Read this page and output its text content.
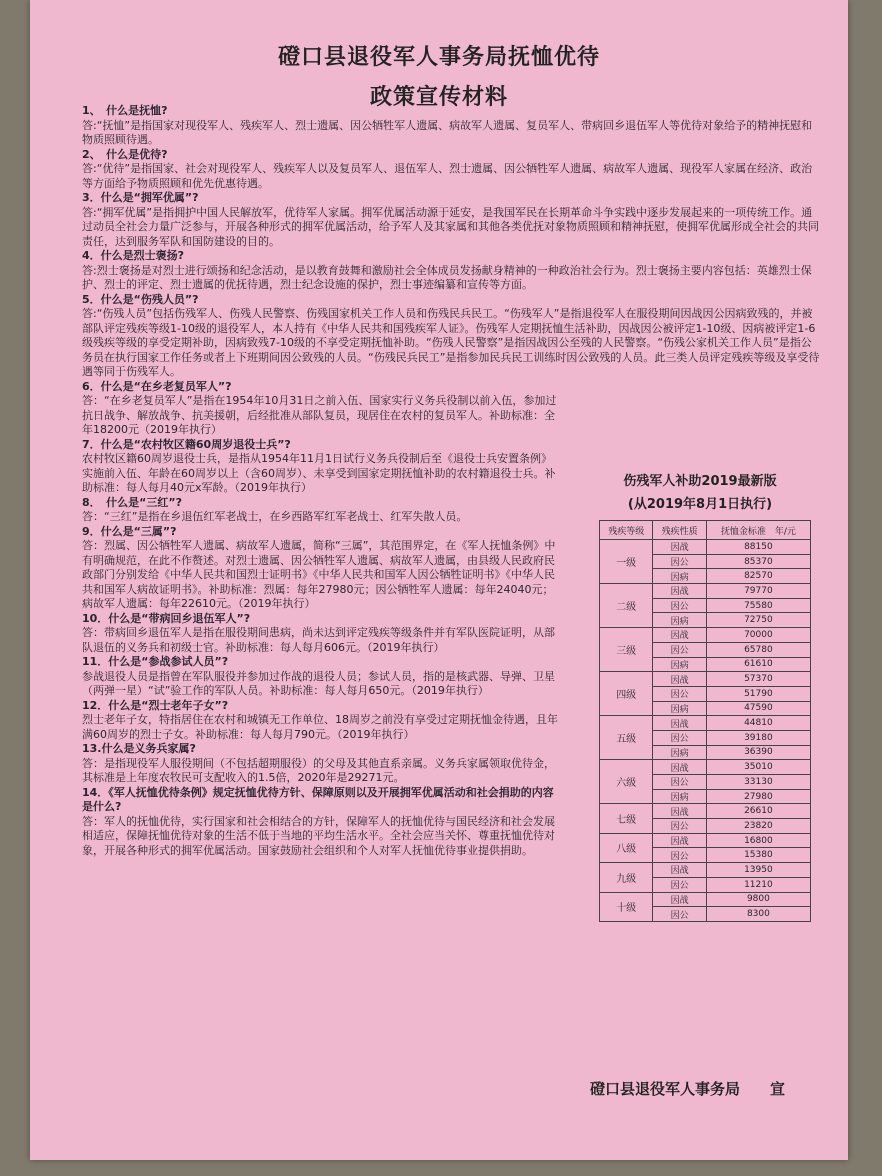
磴口县退役军人事务局抚恤优待
政策宣传材料

1、　什么是抚恤?

答:“抚恤”是指国家对现役军人、残疾军人、烈士遗属、因公牺牲军人遗属、病故军人遗属、复员军人、带病回乡退伍军人等优待对象给予的精神抚慰和物质照顾待遇。

2、　什么是优待?

答:“优待”是指国家、社会对现役军人、残疾军人以及复员军人、退伍军人、烈士遗属、因公牺牲军人遗属、病故军人遗属、现役军人家属在经济、政治等方面给予物质照顾和优先优惠待遇。

3．什么是“拥军优属”?

答:“拥军优属”是指拥护中国人民解放军，优待军人家属。拥军优属活动源于延安，是我国军民在长期革命斗争实践中逐步发展起来的一项传统工作。通过动员全社会力量广泛参与，开展各种形式的拥军优属活动，给予军人及其家属和其他各类优抚对象物质照顾和精神抚慰，使拥军优属形成全社会的共同责任，达到服务军队和国防建设的目的。

4．什么是烈士褒扬?

答:烈士褒扬是对烈士进行颂扬和纪念活动，是以教育鼓舞和激励社会全体成员发扬献身精神的一种政治社会行为。烈士褒扬主要内容包括：英雄烈士保护、烈士的评定、烈士遗属的优抚待遇，烈士纪念设施的保护，烈士事迹编纂和宣传等方面。

5．什么是“伤残人员”?

答:“伤残人员”包括伤残军人、伤残人民警察、伤残国家机关工作人员和伤残民兵民工。“伤残军人”是指退役军人在服役期间因战因公因病致残的，并被部队评定残疾等级1-10级的退役军人，本人持有《中华人民共和国残疾军人证》。伤残军人定期抚恤生活补助，因战因公被评定1-10级、因病被评定1-6级残疾等级的享受定期补助，因病致残7-10级的不享受定期抚恤补助。“伤残人民警察”是指因战因公至残的人民警察。“伤残公家机关工作人员”是指公务员在执行国家工作任务或者上下班期间因公致残的人员。“伤残民兵民工”是指参加民兵民工训练时因公致残的人员。此三类人员评定残疾等级及享受待遇等同于伤残军人。

6．什么是“在乡老复员军人”?

答：“在乡老复员军人”是指在1954年10月31日之前入伍、国家实行义务兵役制以前入伍，参加过抗日战争、解放战争、抗美援朝，后经批准从部队复员，现居住在农村的复员军人。补助标准：全年18200元（2019年执行）

7．什么是“农村牧区籍60周岁退役士兵”?

农村牧区籍60周岁退役士兵，是指从1954年11月1日试行义务兵役制后至《退役士兵安置条例》实施前入伍、年龄在60周岁以上（含60周岁）、未享受到国家定期抚恤补助的农村籍退役士兵。补助标准：每人每月40元x军龄。（2019年执行）

8．　什么是“三红”?

答：“三红”是指在乡退伍红军老战士，在乡西路军红军老战士、红军失散人员。

9．什么是“三属”?

答：烈属、因公牺牲军人遗属、病故军人遗属，简称“三属”，其范围界定，在《军人抚恤条例》中有明确规范，在此不作赘述。对烈士遗属、因公牺牲军人遗属、病故军人遗属，由县级人民政府民政部门分别发给《中华人民共和国烈士证明书》《中华人民共和国军人因公牺牲证明书》《中华人民共和国军人病故证明书》。补助标准：烈属：每年27980元；因公牺牲军人遗属：每年24040元；病故军人遗属：每年22610元。（2019年执行）

10．什么是“带病回乡退伍军人”?

答：带病回乡退伍军人是指在服役期间患病，尚未达到评定残疾等级条件并有军队医院证明，从部队退伍的义务兵和初级士官。补助标准：每人每月606元。（2019年执行）

11．什么是“参战参试人员”?

参战退役人员是指曾在军队服役并参加过作战的退役人员；参试人员，指的是核武器、导弹、卫星（两弹一星）“试”验工作的军队人员。补助标准：每人每月650元。（2019年执行）

12．什么是“烈士老年子女”?

烈士老年子女，特指居住在农村和城镇无工作单位、18周岁之前没有享受过定期抚恤金待遇，且年满60周岁的烈士子女。补助标准：每人每月790元。（2019年执行）

13.什么是义务兵家属?

答：是指现役军人服役期间（不包括超期服役）的父母及其他直系亲属。义务兵家属领取优待金，其标准是上年度农牧民可支配收入的1.5倍，2020年是29271元。

14．《军人抚恤优待条例》规定抚恤优待方针、保障原则以及开展拥军优属活动和社会捐助的内容是什么?

答：军人的抚恤优待，实行国家和社会相结合的方针，保障军人的抚恤优待与国民经济和社会发展相适应，保障抚恤优待对象的生活不低于当地的平均生活水平。全社会应当关怀、尊重抚恤优待对象，开展各种形式的拥军优属活动。国家鼓励社会组织和个人对军人抚恤优待事业提供捐助。

伤残军人补助2019最新版
(从2019年8月1日执行)
残疾等级	残疾性质	抚恤金标准　年/元
一级	因战	88150
	因公	85370
	因病	82570
二级	因战	79770
	因公	75580
	因病	72750
三级	因战	70000
	因公	65780
	因病	61610
四级	因战	57370
	因公	51790
	因病	47590
五级	因战	44810
	因公	39180
	因病	36390
六级	因战	35010
	因公	33130
	因病	27980
七级	因战	26610
	因公	23820
八级	因战	16800
	因公	15380
九级	因战	13950
	因公	11210
十级	因战	9800
	因公	8300
磴口县退役军人事务局　　宣
